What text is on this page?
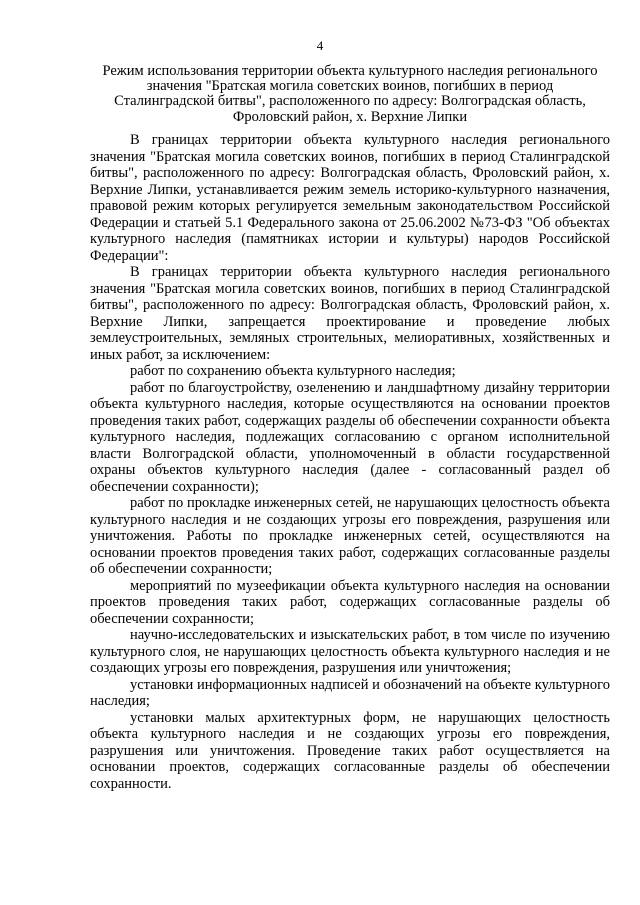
4
Режим использования территории объекта культурного наследия регионального
значения "Братская могила советских воинов, погибших в период
Сталинградской битвы", расположенного по адресу: Волгоградская область,
Фроловский район, х. Верхние Липки

В границах территории объекта культурного наследия регионального значения "Братская могила советских воинов, погибших в период Сталинградской битвы", расположенного по адресу: Волгоградская область, Фроловский район, х. Верхние Липки, устанавливается режим земель историко-культурного назначения, правовой режим которых регулируется земельным законодательством Российской Федерации и статьей 5.1 Федерального закона от 25.06.2002 №73-ФЗ "Об объектах культурного наследия (памятниках истории и культуры) народов Российской Федерации":

В границах территории объекта культурного наследия регионального значения "Братская могила советских воинов, погибших в период Сталинградской битвы", расположенного по адресу: Волгоградская область, Фроловский район, х. Верхние Липки, запрещается проектирование и проведение любых землеустроительных, земляных строительных, мелиоративных, хозяйственных и иных работ, за исключением:

работ по сохранению объекта культурного наследия;

работ по благоустройству, озеленению и ландшафтному дизайну территории объекта культурного наследия, которые осуществляются на основании проектов проведения таких работ, содержащих разделы об обеспечении сохранности объекта культурного наследия, подлежащих согласованию с органом исполнительной власти Волгоградской области, уполномоченный в области государственной охраны объектов культурного наследия (далее - согласованный раздел об обеспечении сохранности);

работ по прокладке инженерных сетей, не нарушающих целостность объекта культурного наследия и не создающих угрозы его повреждения, разрушения или уничтожения. Работы по прокладке инженерных сетей, осуществляются на основании проектов проведения таких работ, содержащих согласованные разделы об обеспечении сохранности;

мероприятий по музеефикации объекта культурного наследия на основании проектов проведения таких работ, содержащих согласованные разделы об обеспечении сохранности;

научно-исследовательских и изыскательских работ, в том числе по изучению культурного слоя, не нарушающих целостность объекта культурного наследия и не создающих угрозы его повреждения, разрушения или уничтожения;

установки информационных надписей и обозначений на объекте культурного наследия;

установки малых архитектурных форм, не нарушающих целостность объекта культурного наследия и не создающих угрозы его повреждения, разрушения или уничтожения. Проведение таких работ осуществляется на основании проектов, содержащих согласованные разделы об обеспечении сохранности.
